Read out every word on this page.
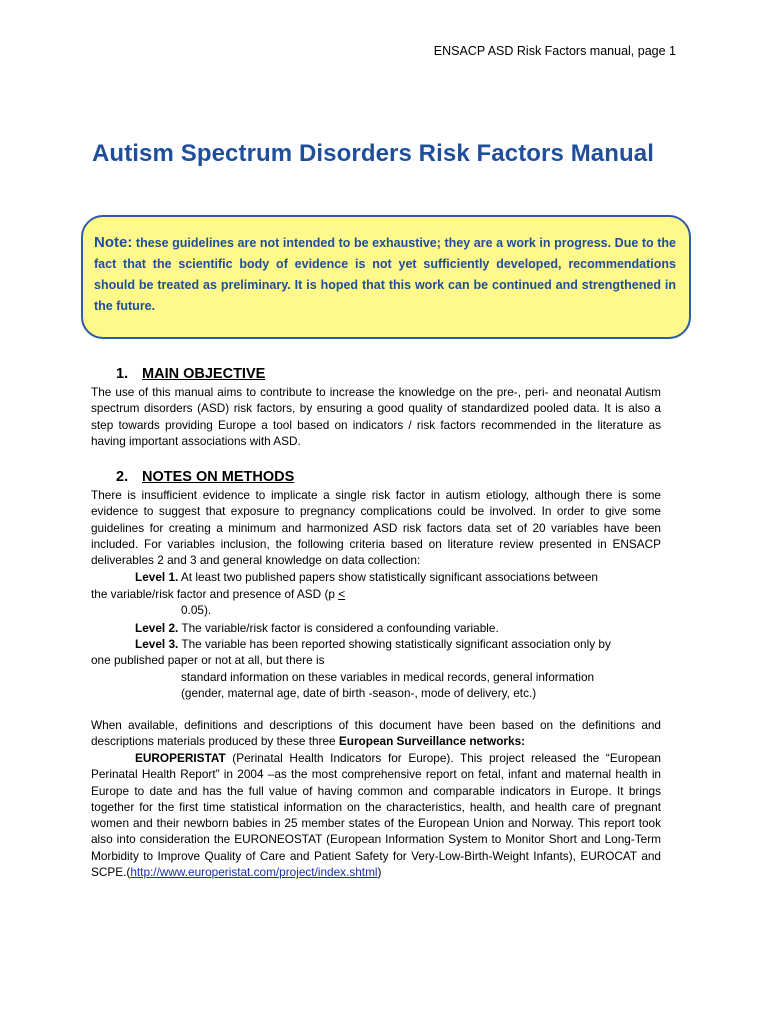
ENSACP ASD Risk Factors manual, page 1
Autism Spectrum Disorders Risk Factors Manual
Note: these guidelines are not intended to be exhaustive; they are a work in progress. Due to the fact that the scientific body of evidence is not yet sufficiently developed, recommendations should be treated as preliminary. It is hoped that this work can be continued and strengthened in the future.
1. MAIN OBJECTIVE

The use of this manual aims to contribute to increase the knowledge on the pre-, peri- and neonatal Autism spectrum disorders (ASD) risk factors, by ensuring a good quality of standardized pooled data. It is also a step towards providing Europe a tool based on indicators / risk factors recommended in the literature as having important associations with ASD.

2. NOTES ON METHODS

There is insufficient evidence to implicate a single risk factor in autism etiology, although there is some evidence to suggest that exposure to pregnancy complications could be involved. In order to give some guidelines for creating a minimum and harmonized ASD risk factors data set of 20 variables have been included. For variables inclusion, the following criteria based on literature review presented in ENSACP deliverables 2 and 3 and general knowledge on data collection:

Level 1. At least two published papers show statistically significant associations between
the variable/risk factor and presence of ASD (p <
0.05).
Level 2. The variable/risk factor is considered a confounding variable.
Level 3. The variable has been reported showing statistically significant association only by
one published paper or not at all, but there is
standard information on these variables in medical records, general information
(gender, maternal age, date of birth -season-, mode of delivery, etc.)

When available, definitions and descriptions of this document have been based on the definitions and descriptions materials produced by these three European Surveillance networks:

EUROPERISTAT (Perinatal Health Indicators for Europe). This project released the “European Perinatal Health Report” in 2004 –as the most comprehensive report on fetal, infant and maternal health in Europe to date and has the full value of having common and comparable indicators in Europe. It brings together for the first time statistical information on the characteristics, health, and health care of pregnant women and their newborn babies in 25 member states of the European Union and Norway. This report took also into consideration the EURONEOSTAT (European Information System to Monitor Short and Long-Term Morbidity to Improve Quality of Care and Patient Safety for Very-Low-Birth-Weight Infants), EUROCAT and SCPE.(http://www.europeristat.com/project/index.shtml)
